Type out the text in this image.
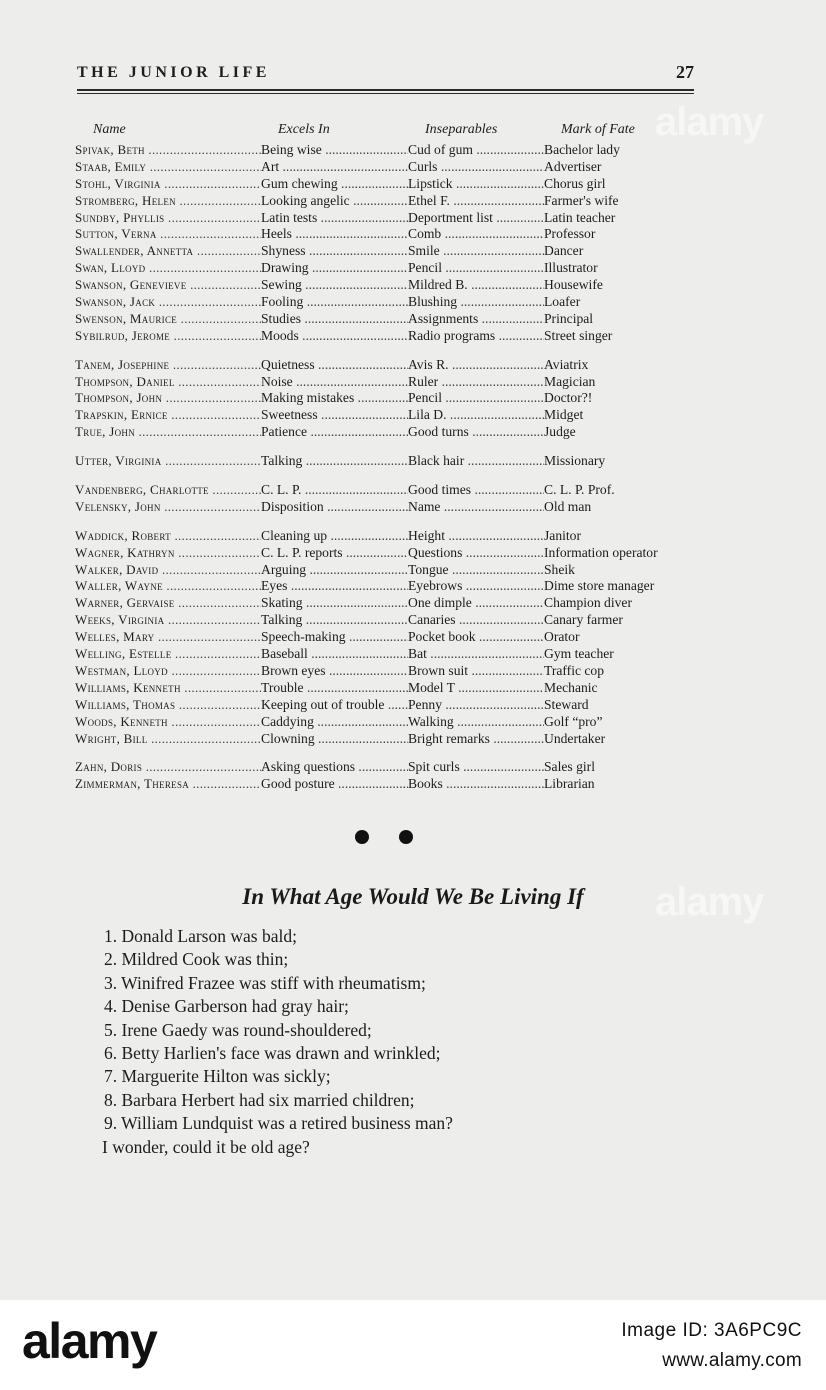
THE JUNIOR LIFE	27
Name	Excels In	Inseparables	Mark of Fate
Spivak, Beth .....	Being wise .....	Cud of gum .....	Bachelor lady
Staab, Emily .....	Art .....	Curls .....	Advertiser
Stohl, Virginia .....	Gum chewing .....	Lipstick .....	Chorus girl
Stromberg, Helen .....	Looking angelic .....	Ethel F. .....	Farmer's wife
Sundby, Phyllis .....	Latin tests .....	Deportment list .....	Latin teacher
Sutton, Verna .....	Heels .....	Comb .....	Professor
Swallender, Annetta .....	Shyness .....	Smile .....	Dancer
Swan, Lloyd .....	Drawing .....	Pencil .....	Illustrator
Swanson, Genevieve .....	Sewing .....	Mildred B. .....	Housewife
Swanson, Jack .....	Fooling .....	Blushing .....	Loafer
Swenson, Maurice .....	Studies .....	Assignments .....	Principal
Sybilrud, Jerome .....	Moods .....	Radio programs .....	Street singer
Tanem, Josephine .....	Quietness .....	Avis R. .....	Aviatrix
Thompson, Daniel .....	Noise .....	Ruler .....	Magician
Thompson, John .....	Making mistakes .....	Pencil .....	Doctor?!
Trapskin, Ernice .....	Sweetness .....	Lila D. .....	Midget
True, John .....	Patience .....	Good turns .....	Judge
Utter, Virginia .....	Talking .....	Black hair .....	Missionary
Vandenberg, Charlotte .....	C. L. P. .....	Good times .....	C. L. P. Prof.
Velensky, John .....	Disposition .....	Name .....	Old man
Waddick, Robert .....	Cleaning up .....	Height .....	Janitor
Wagner, Kathryn .....	C. L. P. reports .....	Questions .....	Information operator
Walker, David .....	Arguing .....	Tongue .....	Sheik
Waller, Wayne .....	Eyes .....	Eyebrows .....	Dime store manager
Warner, Gervaise .....	Skating .....	One dimple .....	Champion diver
Weeks, Virginia .....	Talking .....	Canaries .....	Canary farmer
Welles, Mary .....	Speech-making .....	Pocket book .....	Orator
Welling, Estelle .....	Baseball .....	Bat .....	Gym teacher
Westman, Lloyd .....	Brown eyes .....	Brown suit .....	Traffic cop
Williams, Kenneth .....	Trouble .....	Model T .....	Mechanic
Williams, Thomas .....	Keeping out of trouble .....	Penny .....	Steward
Woods, Kenneth .....	Caddying .....	Walking .....	Golf “pro”
Wright, Bill .....	Clowning .....	Bright remarks .....	Undertaker
Zahn, Doris .....	Asking questions .....	Spit curls .....	Sales girl
Zimmerman, Theresa .....	Good posture .....	Books .....	Librarian
In What Age Would We Be Living If
1. Donald Larson was bald;
2. Mildred Cook was thin;
3. Winifred Frazee was stiff with rheumatism;
4. Denise Garberson had gray hair;
5. Irene Gaedy was round-shouldered;
6. Betty Harlien's face was drawn and wrinkled;
7. Marguerite Hilton was sickly;
8. Barbara Herbert had six married children;
9. William Lundquist was a retired business man?
I wonder, could it be old age?
alamy
alamy
alamy	Image ID: 3A6PC9C
www.alamy.com
